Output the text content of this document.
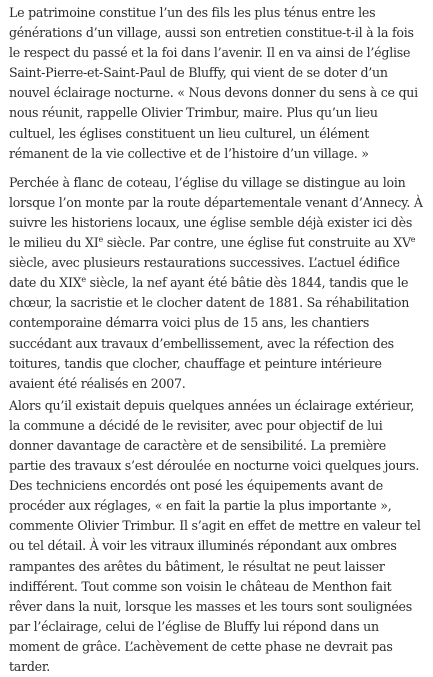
Le patrimoine constitue l’un des fils les plus ténus entre les générations d’un village, aussi son entretien constitue-t-il à la fois le respect du passé et la foi dans l’avenir. Il en va ainsi de l’église Saint-Pierre-et-Saint-Paul de Bluffy, qui vient de se doter d’un nouvel éclairage nocturne. « Nous devons donner du sens à ce qui nous réunit, rappelle Olivier Trimbur, maire. Plus qu’un lieu cultuel, les églises constituent un lieu culturel, un élément rémanent de la vie collective et de l’histoire d’un village. »

Perchée à flanc de coteau, l’église du village se distingue au loin lorsque l’on monte par la route départementale venant d’Annecy. À suivre les historiens locaux, une église semble déjà exister ici dès le milieu du XIe siècle. Par contre, une église fut construite au XVe siècle, avec plusieurs restaurations successives. L’actuel édifice date du XIXe siècle, la nef ayant été bâtie dès 1844, tandis que le chœur, la sacristie et le clocher datent de 1881. Sa réhabilitation contemporaine démarra voici plus de 15 ans, les chantiers succédant aux travaux d’embellissement, avec la réfection des toitures, tandis que clocher, chauffage et peinture intérieure avaient été réalisés en 2007.

Alors qu’il existait depuis quelques années un éclairage extérieur, la commune a décidé de le revisiter, avec pour objectif de lui donner davantage de caractère et de sensibilité. La première partie des travaux s’est déroulée en nocturne voici quelques jours. Des techniciens encordés ont posé les équipements avant de procéder aux réglages, « en fait la partie la plus importante », commente Olivier Trimbur. Il s’agit en effet de mettre en valeur tel ou tel détail. À voir les vitraux illuminés répondant aux ombres rampantes des arêtes du bâtiment, le résultat ne peut laisser indifférent. Tout comme son voisin le château de Menthon fait rêver dans la nuit, lorsque les masses et les tours sont soulignées par l’éclairage, celui de l’église de Bluffy lui répond dans un moment de grâce. L’achèvement de cette phase ne devrait pas tarder.
